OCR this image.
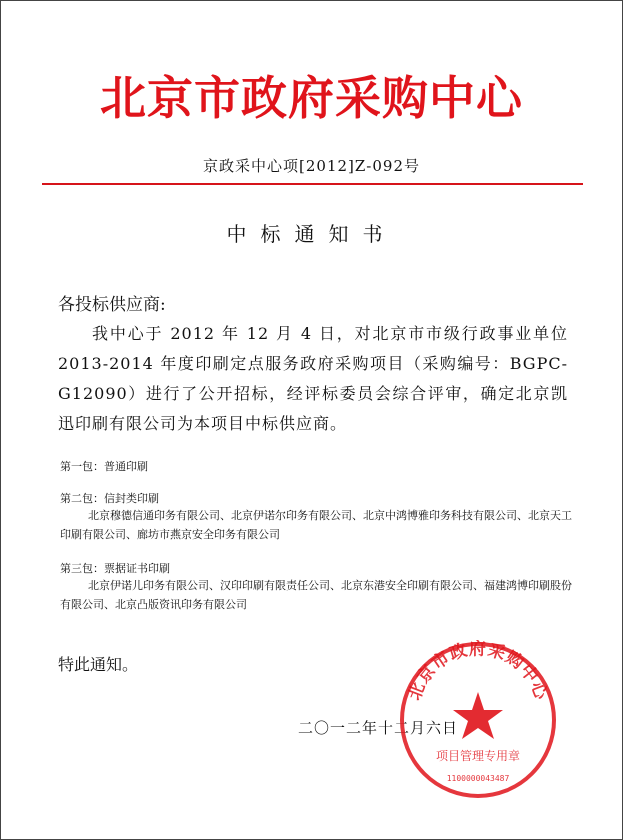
北京市政府采购中心
京政采中心项[2012]Z-092号
中标通知书
各投标供应商:
我中心于 2012 年 12 月 4 日，对北京市市级行政事业单位 2013-2014 年度印刷定点服务政府采购项目（采购编号：BGPC-G12090）进行了公开招标，经评标委员会综合评审，确定北京凯迅印刷有限公司为本项目中标供应商。
第一包：普通印刷
第二包：信封类印刷
北京穆德信通印务有限公司、北京伊诺尔印务有限公司、北京中鸿博雅印务科技有限公司、北京天工印刷有限公司、廊坊市燕京安全印务有限公司
第三包：票据证书印刷
北京伊诺儿印务有限公司、汉印印刷有限责任公司、北京东港安全印刷有限公司、福建鸿博印刷股份有限公司、北京凸版资讯印务有限公司
特此通知。
二〇一二年十二月六日
北京市政府采购中心
项目管理专用章
1100000043487
